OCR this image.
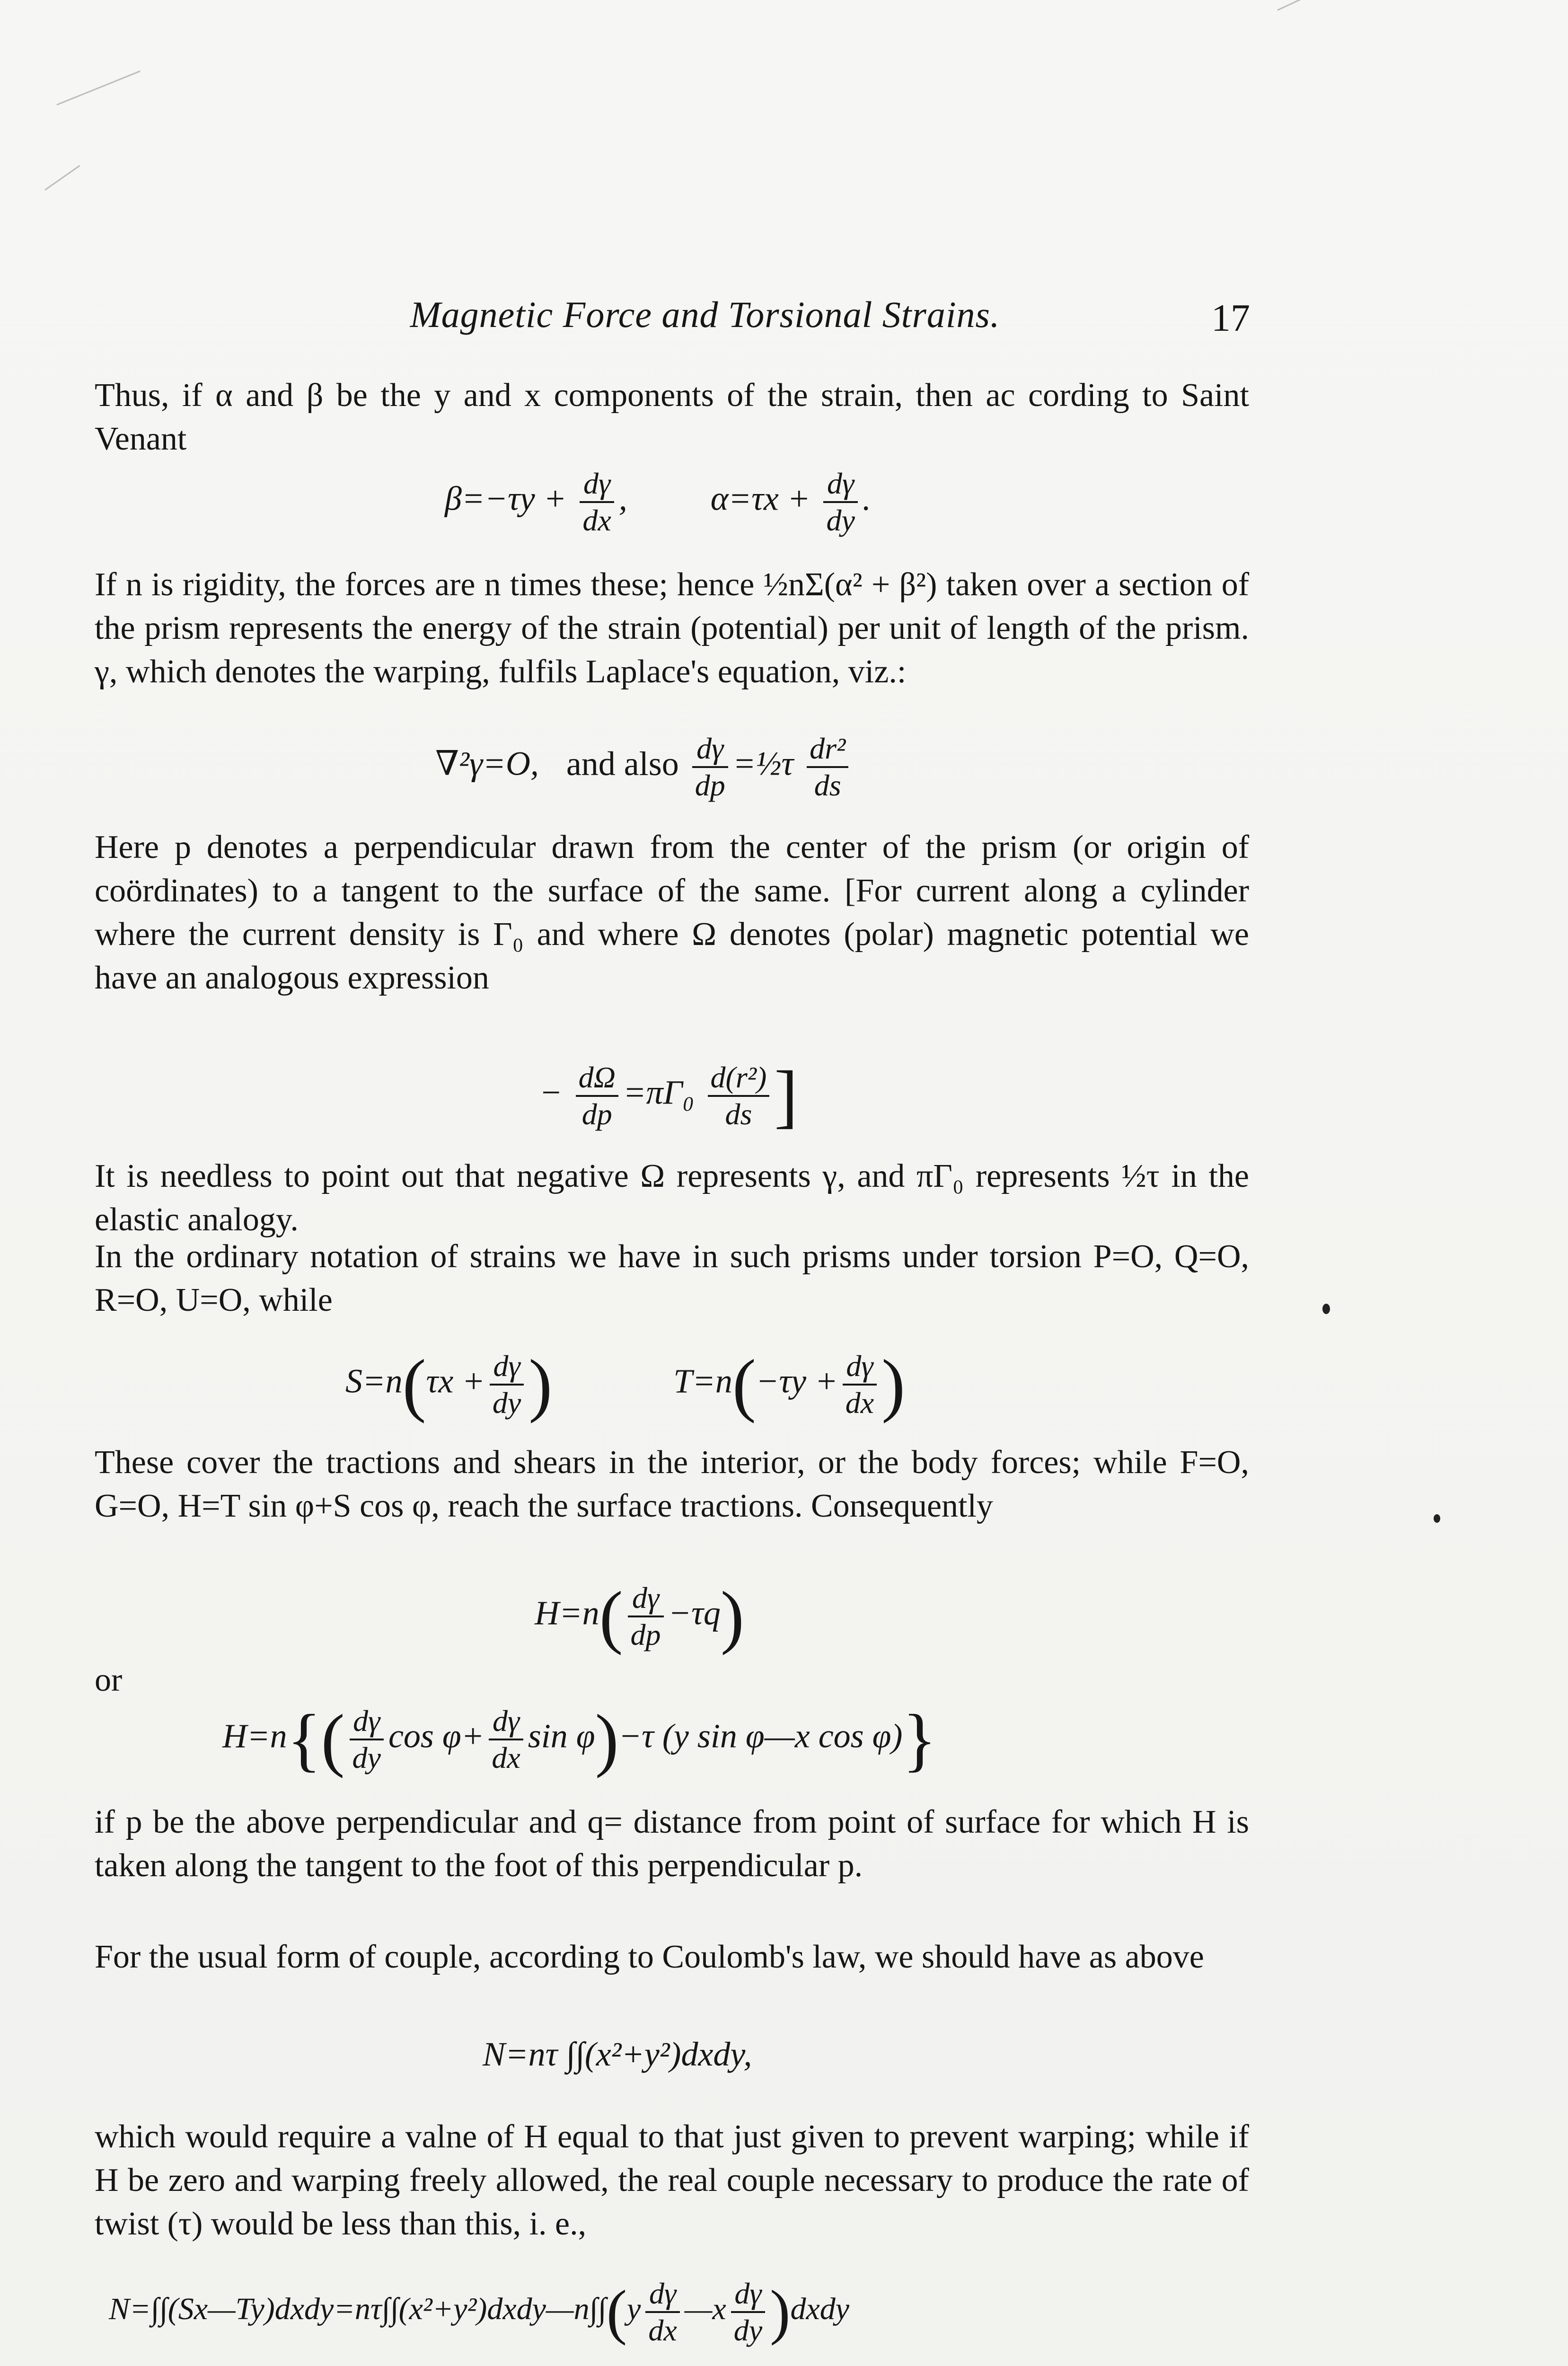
Magnetic Force and Torsional Strains.	17
Thus, if α and β be the y and x components of the strain, then ac cording to Saint Venant
$\beta=-\tau y + \frac{d\gamma}{dx}$ ,  $\alpha=\tau x + \frac{d\gamma}{dy}$ .
If n is rigidity, the forces are n times these; hence ½nΣ(α² + β²) taken over a section of the prism represents the energy of the strain (potential) per unit of length of the prism. γ, which denotes the warping, fulfils Laplace's equation, viz.:
∇²γ=O, and also $\frac{d\gamma}{dp}$ =½τ $\frac{\text{dr²}}{ds}$
Here p denotes a perpendicular drawn from the center of the prism (or origin of coördinates) to a tangent to the surface of the same. [For current along a cylinder where the current density is Γ₀ and where Ω denotes (polar) magnetic potential we have an analogous expression
− $\frac{d\Omega}{dp} =\pi\Gamma_0 \frac{\text{d(r²)}}{ds}$ ]
It is needless to point out that negative Ω represents γ, and πΓ₀ represents ½τ in the elastic analogy.
In the ordinary notation of strains we have in such prisms under torsion P=O, Q=O, R=O, U=O, while
$S=n(\tau x + \frac{d\gamma}{dy}$ )	$T=n(-\tau y + \frac{d\gamma}{dx}$ )
These cover the tractions and shears in the interior, or the body forces; while F=O, G=O, H=T sin φ+S cos φ, reach the surface tractions. Consequently
$H=n( \frac{d\gamma}{dp} -\tau q)$
or
$H=n\{( \frac{d\gamma}{dy}$ $\cos \varphi+ \frac{d\gamma}{dx}$ sin φ)−τ (y sin φ—x cos φ)}
if p be the above perpendicular and q= distance from point of surface for which H is taken along the tangent to the foot of this perpendicular p.
For the usual form of couple, according to Coulomb's law, we should have as above
N=nτ ∫∫(x²+y²)dxdy,
which would require a valne of H equal to that just given to prevent warping; while if H be zero and warping freely allowed, the real couple necessary to produce the rate of twist (τ) would be less than this, i. e.,
N=∫∫(Sx—Ty)dxdy=nτ∫∫(x²+y²)dxdy—n∫∫(y $\frac{d\gamma}{dx}$ —x $\frac{d\gamma}{dy}$ )dxdy
